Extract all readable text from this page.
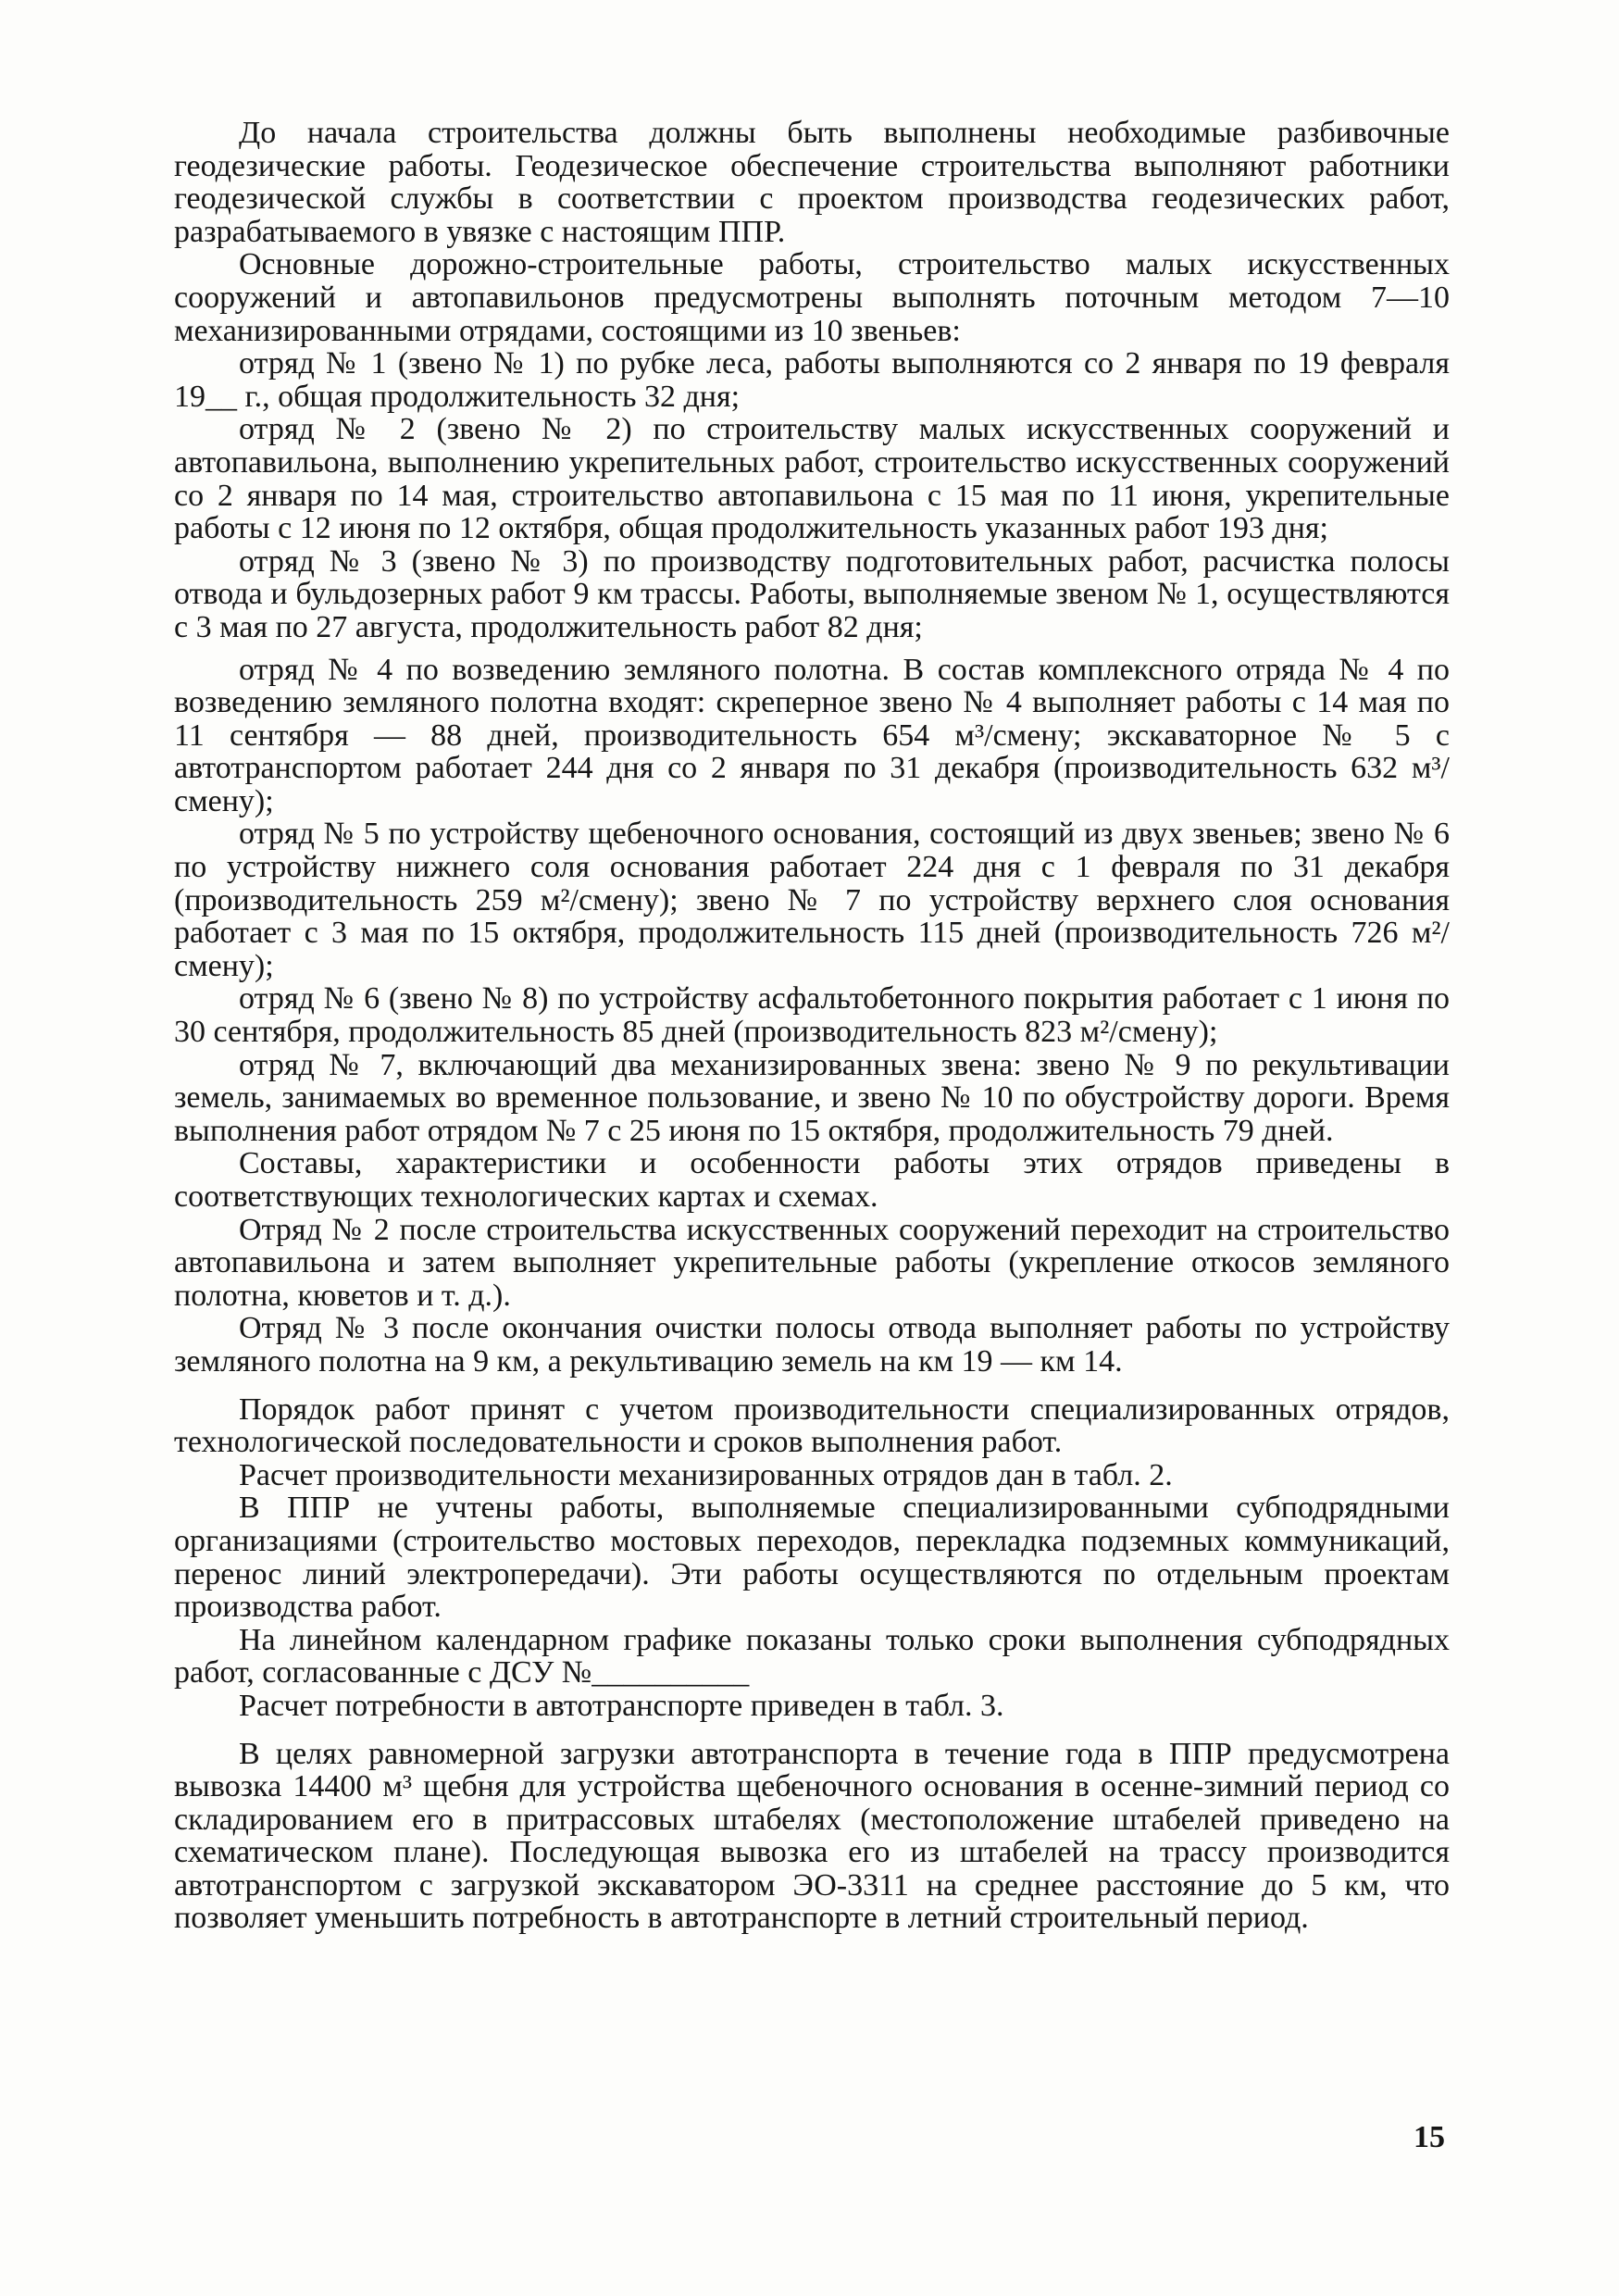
До начала строительства должны быть выполнены необходимые разбивочные геодезические работы. Геодезическое обеспечение строительства выполняют работники геодезической службы в соответствии с проектом производства геодезических работ, разрабатываемого в увязке с настоящим ППР.

Основные дорожно-строительные работы, строительство малых искусственных сооружений и автопавильонов предусмотрены выполнять поточным методом 7—10 механизированными отрядами, состоящими из 10 звеньев:

отряд № 1 (звено № 1) по рубке леса, работы выполняются со 2 января по 19 февраля 19__ г., общая продолжительность 32 дня;

отряд № 2 (звено № 2) по строительству малых искусственных сооружений и автопавильона, выполнению укрепительных работ, строительство искусственных сооружений со 2 января по 14 мая, строительство автопавильона с 15 мая по 11 июня, укрепительные работы с 12 июня по 12 октября, общая продолжительность указанных работ 193 дня;

отряд № 3 (звено № 3) по производству подготовительных работ, расчистка полосы отвода и бульдозерных работ 9 км трассы. Работы, выполняемые звеном № 1, осуществляются с 3 мая по 27 августа, продолжительность работ 82 дня;

отряд № 4 по возведению земляного полотна. В состав комплексного отряда № 4 по возведению земляного полотна входят: скреперное звено № 4 выполняет работы с 14 мая по 11 сентября — 88 дней, производительность 654 м³/смену; экскаваторное № 5 с автотранспортом работает 244 дня со 2 января по 31 декабря (производительность 632 м³/смену);

отряд № 5 по устройству щебеночного основания, состоящий из двух звеньев; звено № 6 по устройству нижнего соля основания работает 224 дня с 1 февраля по 31 декабря (производительность 259 м²/смену); звено № 7 по устройству верхнего слоя основания работает с 3 мая по 15 октября, продолжительность 115 дней (производительность 726 м²/смену);

отряд № 6 (звено № 8) по устройству асфальтобетонного покрытия работает с 1 июня по 30 сентября, продолжительность 85 дней (производительность 823 м²/смену);

отряд № 7, включающий два механизированных звена: звено № 9 по рекультивации земель, занимаемых во временное пользование, и звено № 10 по обустройству дороги. Время выполнения работ отрядом № 7 с 25 июня по 15 октября, продолжительность 79 дней.

Составы, характеристики и особенности работы этих отрядов приведены в соответствующих технологических картах и схемах.

Отряд № 2 после строительства искусственных сооружений переходит на строительство автопавильона и затем выполняет укрепительные работы (укрепление откосов земляного полотна, кюветов и т. д.).

Отряд № 3 после окончания очистки полосы отвода выполняет работы по устройству земляного полотна на 9 км, а рекультивацию земель на км 19 — км 14.

Порядок работ принят с учетом производительности специализированных отрядов, технологической последовательности и сроков выполнения работ.

Расчет производительности механизированных отрядов дан в табл. 2.

В ППР не учтены работы, выполняемые специализированными субподрядными организациями (строительство мостовых переходов, перекладка подземных коммуникаций, перенос линий электропередачи). Эти работы осуществляются по отдельным проектам производства работ.

На линейном календарном графике показаны только сроки выполнения субподрядных работ, согласованные с ДСУ №__________

Расчет потребности в автотранспорте приведен в табл. 3.

В целях равномерной загрузки автотранспорта в течение года в ППР предусмотрена вывозка 14400 м³ щебня для устройства щебеночного основания в осенне-зимний период со складированием его в притрассовых штабелях (местоположение штабелей приведено на схематическом плане). Последующая вывозка его из штабелей на трассу производится автотранспортом с загрузкой экскаватором ЭО-3311 на среднее расстояние до 5 км, что позволяет уменьшить потребность в автотранспорте в летний строительный период.

15
